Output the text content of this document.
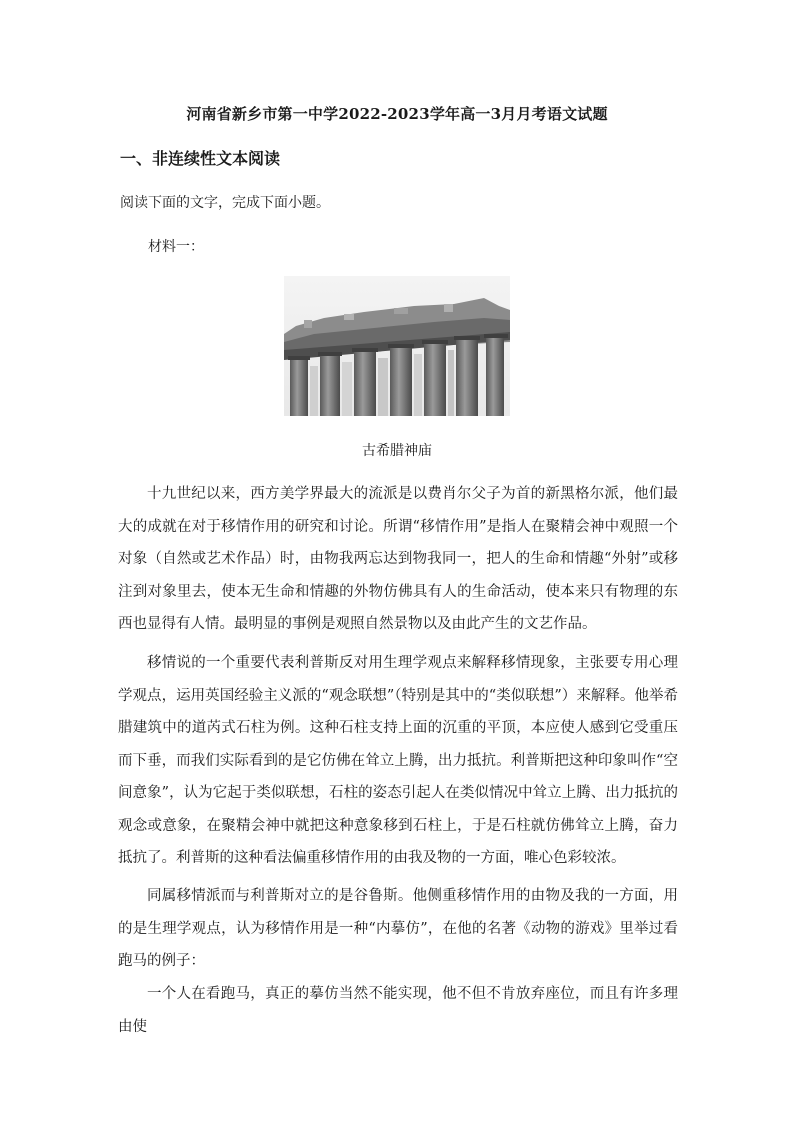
河南省新乡市第一中学2022-2023学年高一3月月考语文试题
一、非连续性文本阅读
阅读下面的文字，完成下面小题。
材料一：
古希腊神庙

十九世纪以来，西方美学界最大的流派是以费肖尔父子为首的新黑格尔派，他们最大的成就在对于移情作用的研究和讨论。所谓“移情作用”是指人在聚精会神中观照一个对象（自然或艺术作品）时，由物我两忘达到物我同一，把人的生命和情趣“外射”或移注到对象里去，使本无生命和情趣的外物仿佛具有人的生命活动，使本来只有物理的东西也显得有人情。最明显的事例是观照自然景物以及由此产生的文艺作品。

移情说的一个重要代表利普斯反对用生理学观点来解释移情现象，主张要专用心理学观点，运用英国经验主义派的“观念联想”（特别是其中的“类似联想”）来解释。他举希腊建筑中的道芮式石柱为例。这种石柱支持上面的沉重的平顶，本应使人感到它受重压而下垂，而我们实际看到的是它仿佛在耸立上腾，出力抵抗。利普斯把这种印象叫作“空间意象”，认为它起于类似联想，石柱的姿态引起人在类似情况中耸立上腾、出力抵抗的观念或意象，在聚精会神中就把这种意象移到石柱上，于是石柱就仿佛耸立上腾，奋力抵抗了。利普斯的这种看法偏重移情作用的由我及物的一方面，唯心色彩较浓。

同属移情派而与利普斯对立的是谷鲁斯。他侧重移情作用的由物及我的一方面，用的是生理学观点，认为移情作用是一种“内摹仿”，在他的名著《动物的游戏》里举过看跑马的例子：

一个人在看跑马，真正的摹仿当然不能实现，他不但不肯放弃座位，而且有许多理由使
